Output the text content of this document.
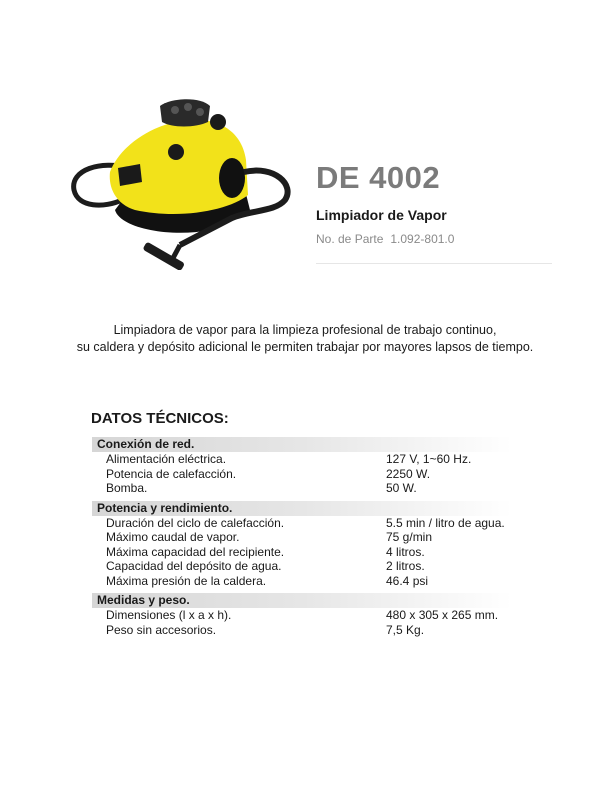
DE 4002
Limpiador de Vapor
No. de Parte 1.092-801.0
Limpiadora de vapor para la limpieza profesional de trabajo continuo,
su caldera y depósito adicional le permiten trabajar por mayores lapsos de tiempo.
DATOS TÉCNICOS:
Conexión de red.
Alimentación eléctrica.	127 V, 1~60 Hz.
Potencia de calefacción.	2250 W.
Bomba.	50 W.
Potencia y rendimiento.
Duración del ciclo de calefacción.	5.5 min / litro de agua.
Máximo caudal de vapor.	75 g/min
Máxima capacidad del recipiente.	4 litros.
Capacidad del depósito de agua.	2 litros.
Máxima presión de la caldera.	46.4 psi
Medidas y peso.
Dimensiones (l x a x h).	480 x 305 x 265 mm.
Peso sin accesorios.	7,5 Kg.
